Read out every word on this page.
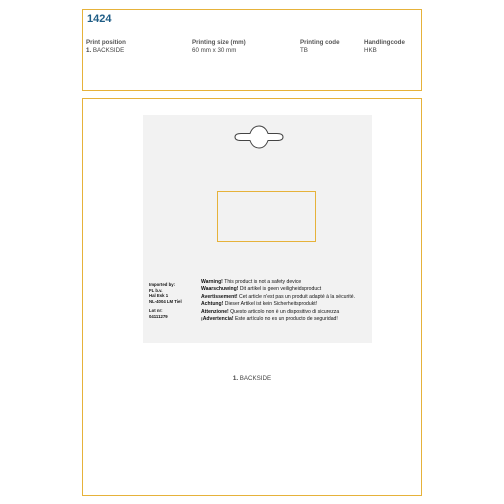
1424
Print position
1. BACKSIDE
Printing size (mm)
60 mm x 30 mm
Printing code
TB
Handlingcode
HKB
Imported by:
FL b.v.
Hal Esk 1
NL-4004 LM Tiel
Lot nr:
04111279
Warning! This product is not a safety device
Waarschuwing! Dit artikel is geen veiligheidsproduct
Avertissement! Cet article n'est pas un produit adapté à la sécurité.
Achtung! Dieser Artikel ist kein Sicherheitsprodukt!
Attenzione! Questo articolo non è un dispositivo di sicurezza
¡Advertencia! Este artículo no es un producto de seguridad!
1. BACKSIDE
